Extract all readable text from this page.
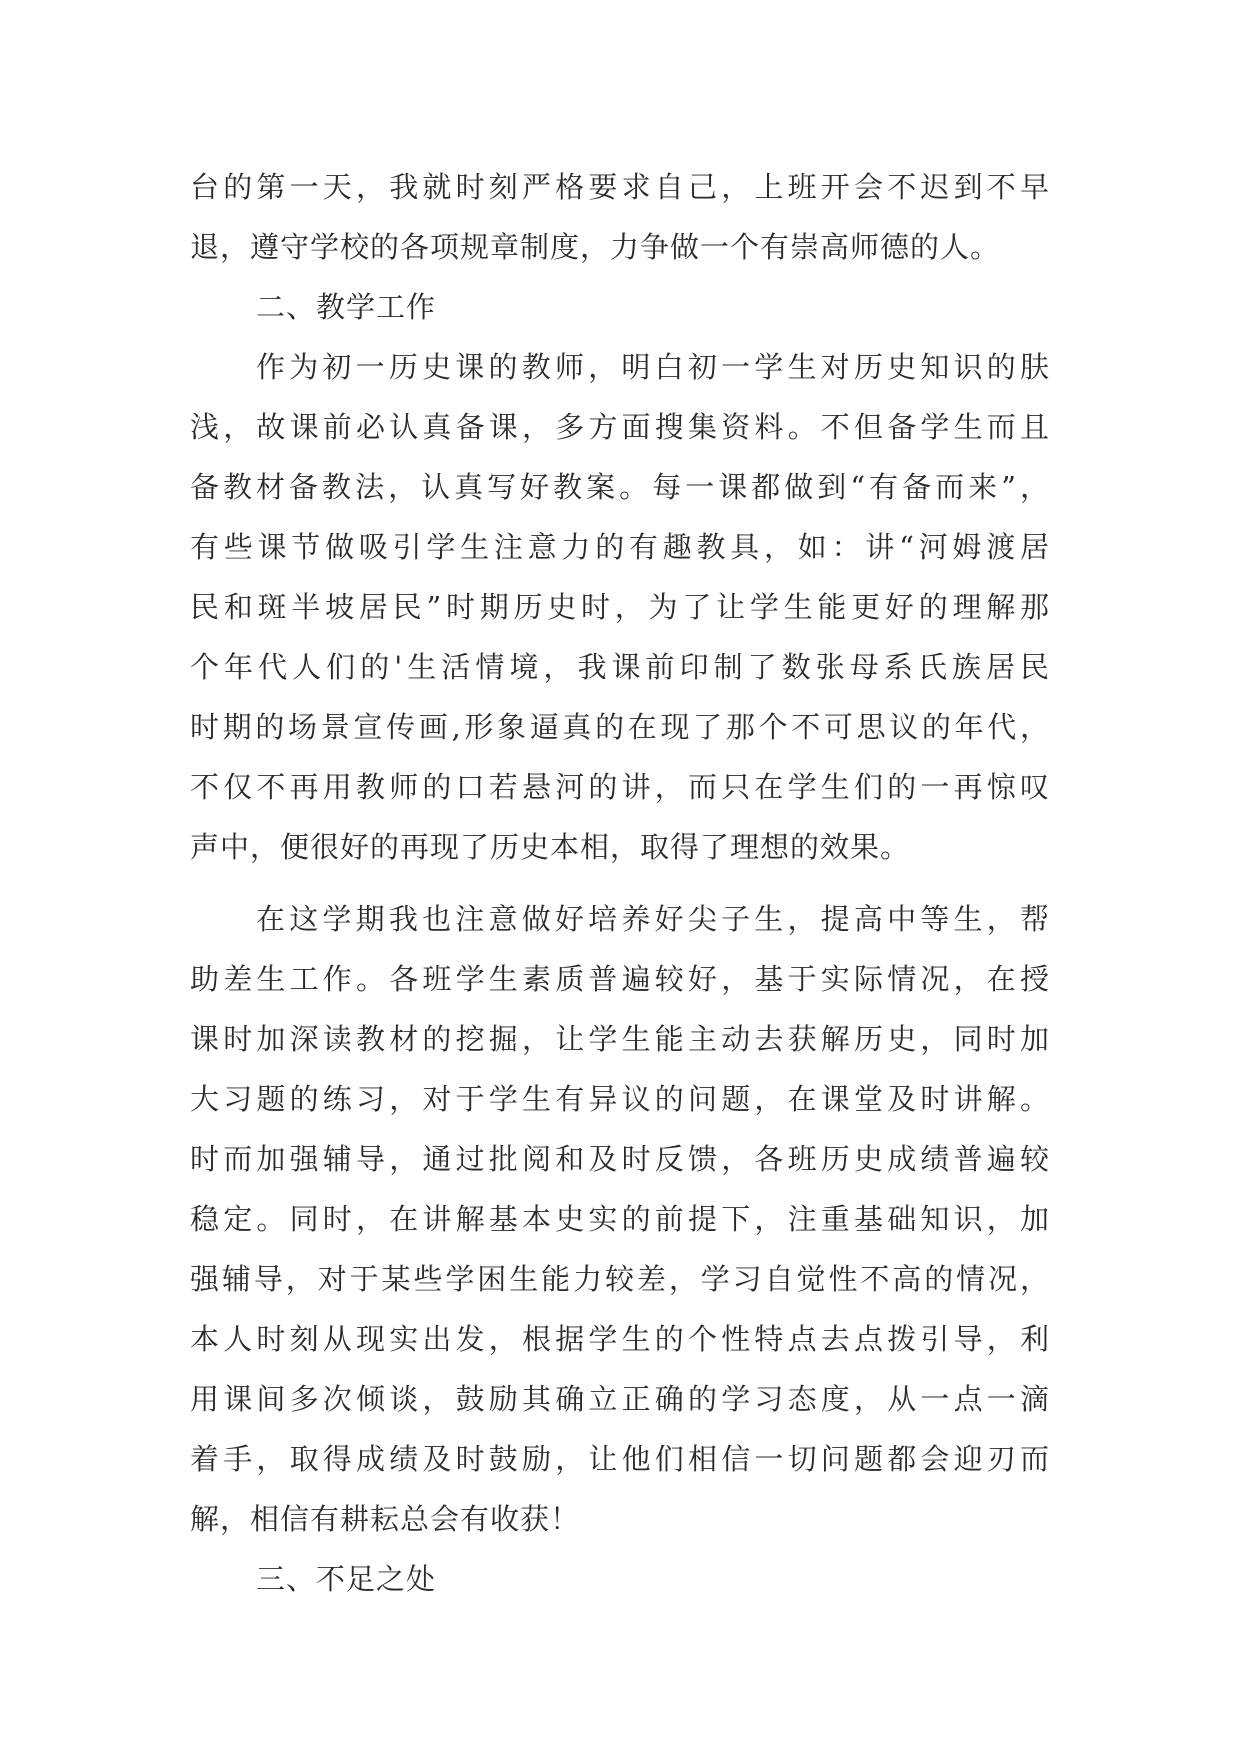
台的第一天，我就时刻严格要求自己，上班开会不迟到不早
退，遵守学校的各项规章制度，力争做一个有崇高师德的人。
二、教学工作
作为初一历史课的教师，明白初一学生对历史知识的肤
浅，故课前必认真备课，多方面搜集资料。不但备学生而且
备教材备教法，认真写好教案。每一课都做到“有备而来”，
有些课节做吸引学生注意力的有趣教具，如：讲“河姆渡居
民和斑半坡居民”时期历史时，为了让学生能更好的理解那
个年代人们的'生活情境，我课前印制了数张母系氏族居民
时期的场景宣传画,形象逼真的在现了那个不可思议的年代，
不仅不再用教师的口若悬河的讲，而只在学生们的一再惊叹
声中，便很好的再现了历史本相，取得了理想的效果。
在这学期我也注意做好培养好尖子生，提高中等生，帮
助差生工作。各班学生素质普遍较好，基于实际情况，在授
课时加深读教材的挖掘，让学生能主动去获解历史，同时加
大习题的练习，对于学生有异议的问题，在课堂及时讲解。
时而加强辅导，通过批阅和及时反馈，各班历史成绩普遍较
稳定。同时，在讲解基本史实的前提下，注重基础知识，加
强辅导，对于某些学困生能力较差，学习自觉性不高的情况，
本人时刻从现实出发，根据学生的个性特点去点拨引导，利
用课间多次倾谈，鼓励其确立正确的学习态度，从一点一滴
着手，取得成绩及时鼓励，让他们相信一切问题都会迎刃而
解，相信有耕耘总会有收获！
三、不足之处
